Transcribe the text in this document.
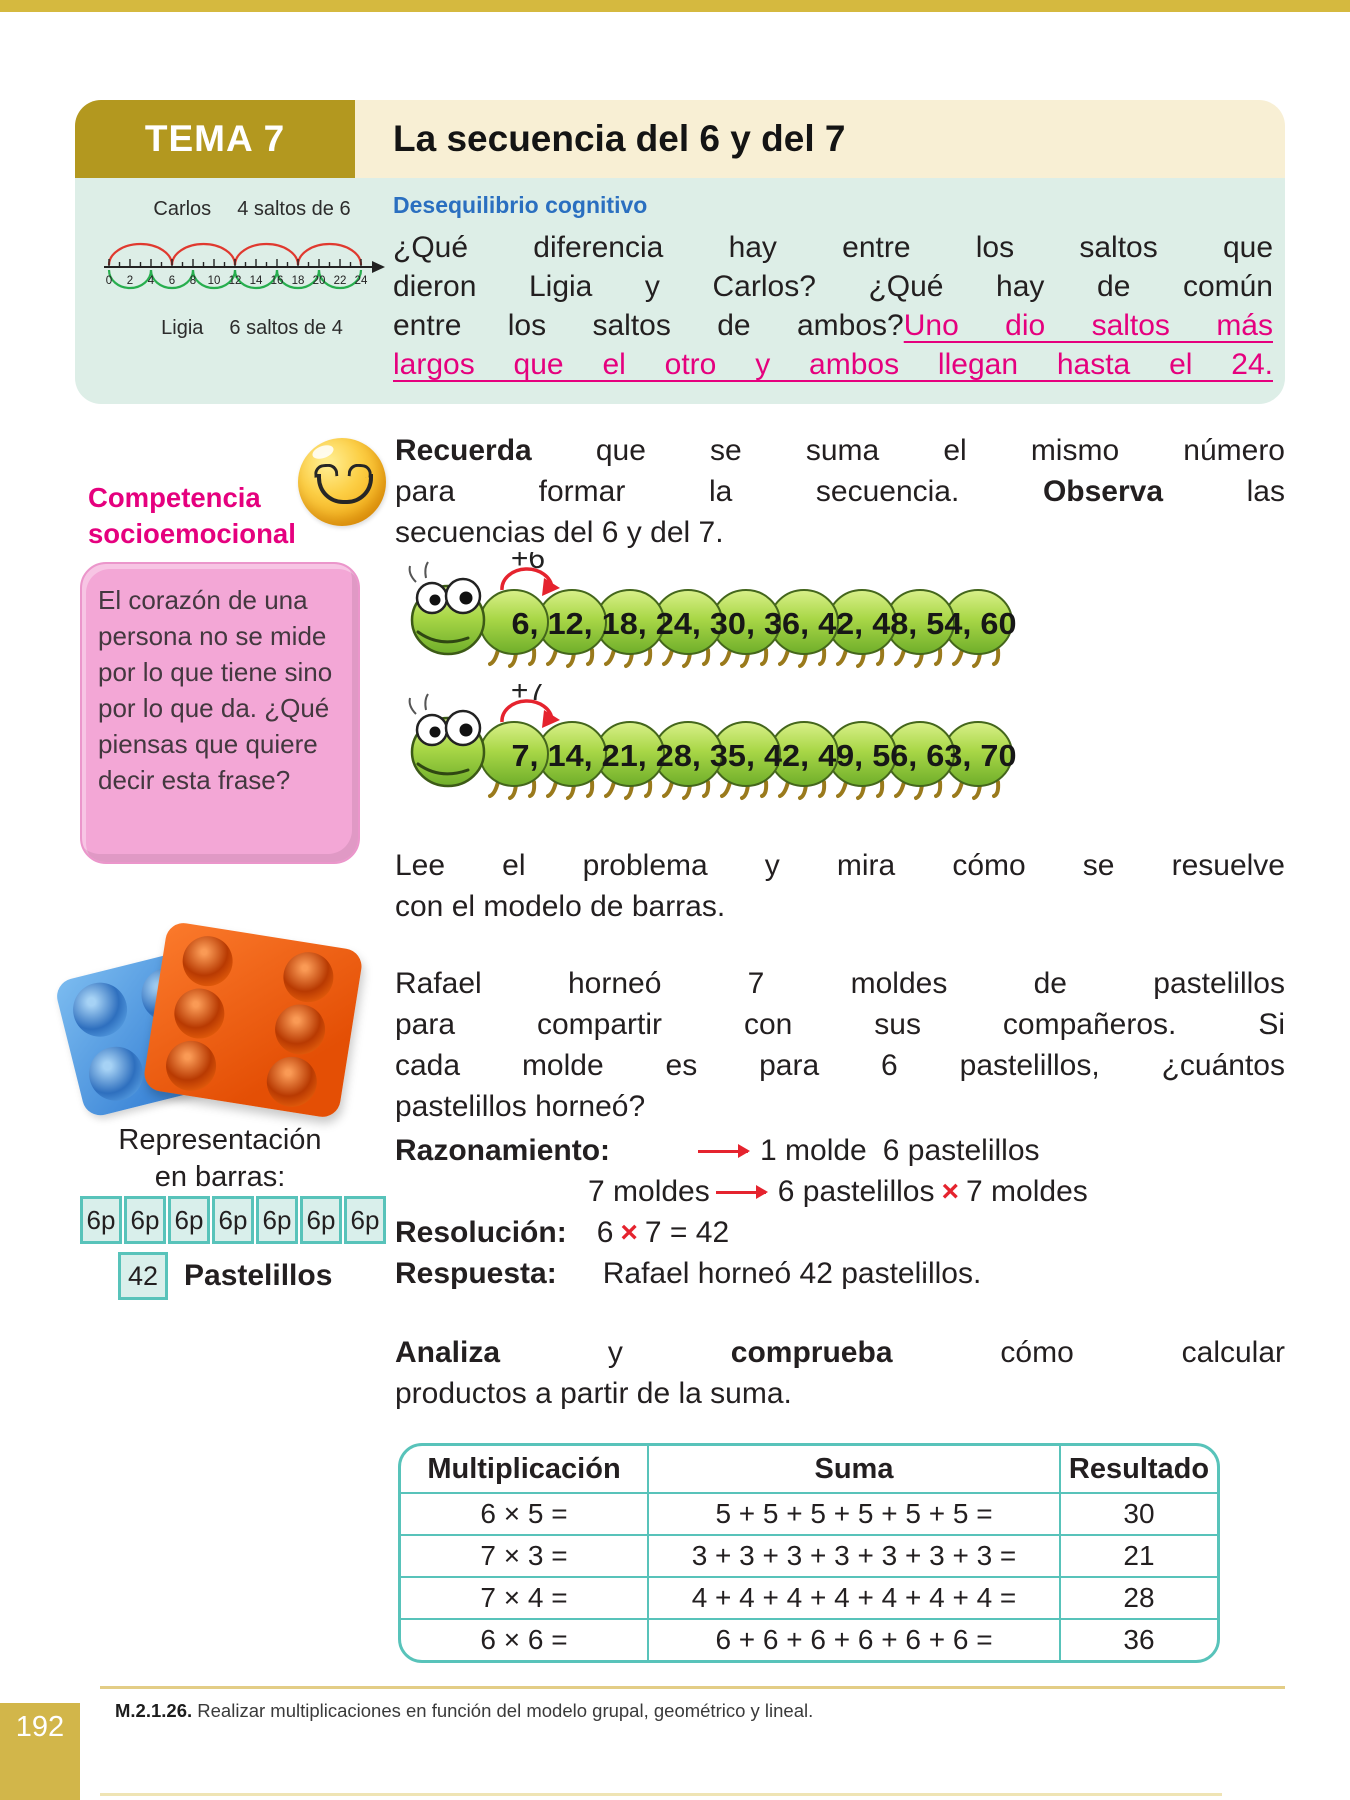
TEMA 7	La secuencia del 6 y del 7
Carlos 4 saltos de 6
0 2 4 6 8 10 12 14 16 18 20 22 24
Ligia 6 saltos de 4
Desequilibrio cognitivo
¿Qué diferencia hay entre los saltos que
dieron Ligia y Carlos? ¿Qué hay de común
entre los saltos de ambos?Uno dio saltos más
largos que el otro y ambos llegan hasta el 24.
Competencia
socioemocional
El corazón de una persona no se mide por lo que tiene sino por lo que da. ¿Qué piensas que quiere decir esta frase?
Representación
en barras:
6p 6p 6p 6p 6p 6p 6p
42 Pastelillos
Recuerda que se suma el mismo número
para formar la secuencia. Observa las
secuencias del 6 y del 7.
+6
6, 12, 18, 24, 30, 36, 42, 48, 54, 60
+7
7, 14, 21, 28, 35, 42, 49, 56, 63, 70
Lee el problema y mira cómo se resuelve
con el modelo de barras.
Rafael horneó 7 moldes de pastelillos
para compartir con sus compañeros. Si
cada molde es para 6 pastelillos, ¿cuántos
pastelillos horneó?
Razonamiento:	1 molde 6 pastelillos
7 moldes 6 pastelillos × 7 moldes
Resolución: 6 × 7 = 42
Respuesta: Rafael horneó 42 pastelillos.
Analiza y comprueba cómo calcular
productos a partir de la suma.
Multiplicación	Suma	Resultado
6 × 5 =	5 + 5 + 5 + 5 + 5 + 5 =	30
7 × 3 =	3 + 3 + 3 + 3 + 3 + 3 + 3 =	21
7 × 4 =	4 + 4 + 4 + 4 + 4 + 4 + 4 =	28
6 × 6 =	6 + 6 + 6 + 6 + 6 + 6 =	36
M.2.1.26. Realizar multiplicaciones en función del modelo grupal, geométrico y lineal.
192
